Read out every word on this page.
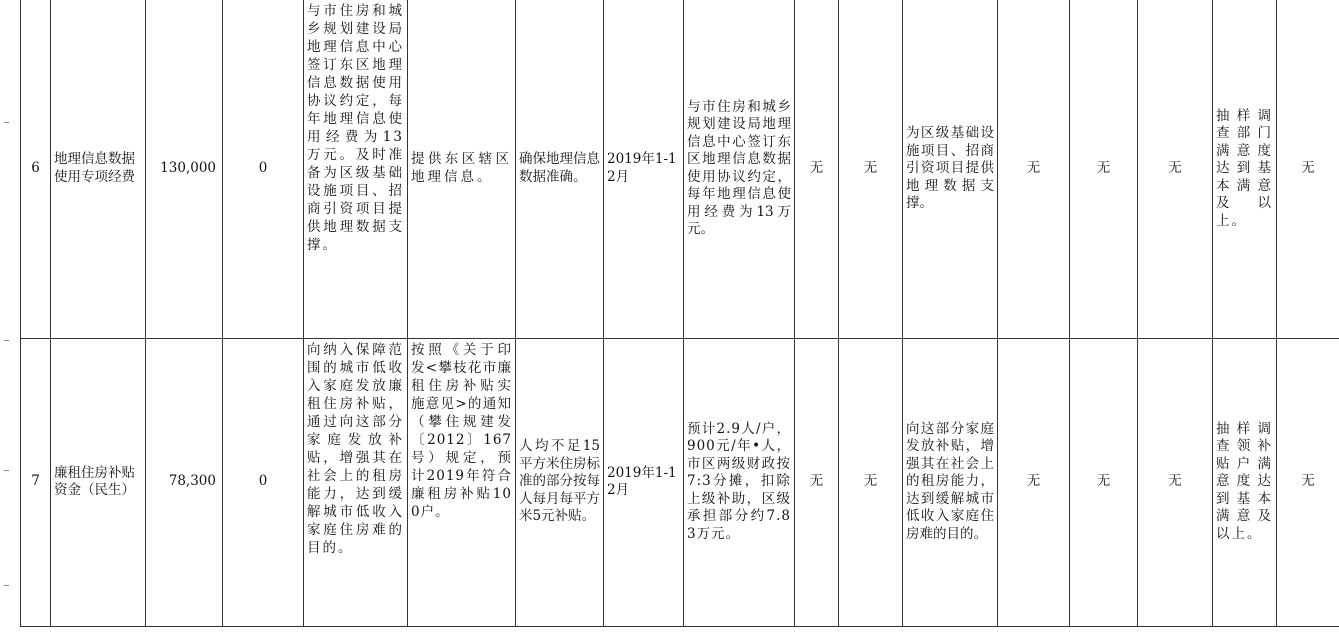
6	地理信息数据使用专项经费	130,000	0	与市住房和城乡规划建设局地理信息中心签订东区地理信息数据使用协议约定，每年地理信息使用经费为13万元。及时准备为区级基础设施项目、招商引资项目提供地理数据支撑。	提供东区辖区地理信息。	确保地理信息数据准确。	2019年1-12月	与市住房和城乡规划建设局地理信息中心签订东区地理信息数据使用协议约定，每年地理信息使用经费为13万元。	无	无	为区级基础设施项目、招商引资项目提供地理数据支撑。	无	无	无	抽样调查部门满意度达到基本满意及以上。	无
7	廉租住房补贴资金（民生）	78,300	0	向纳入保障范围的城市低收入家庭发放廉租住房补贴，通过向这部分家庭发放补贴，增强其在社会上的租房能力，达到缓解城市低收入家庭住房难的目的。	按照《关于印发<攀枝花市廉租住房补贴实施意见>的通知（攀住规建发〔2012〕167号）规定，预计2019年符合廉租房补贴100户。	人均不足15平方米住房标准的部分按每人每月每平方米5元补贴。	2019年1-12月	预计2.9人/户，900元/年•人，市区两级财政按7:3分摊，扣除上级补助，区级承担部分约7.83万元。	无	无	向这部分家庭发放补贴，增强其在社会上的租房能力，达到缓解城市低收入家庭住房难的目的。	无	无	无	抽样调查领补贴户满意度达到基本满意及以上。	无
